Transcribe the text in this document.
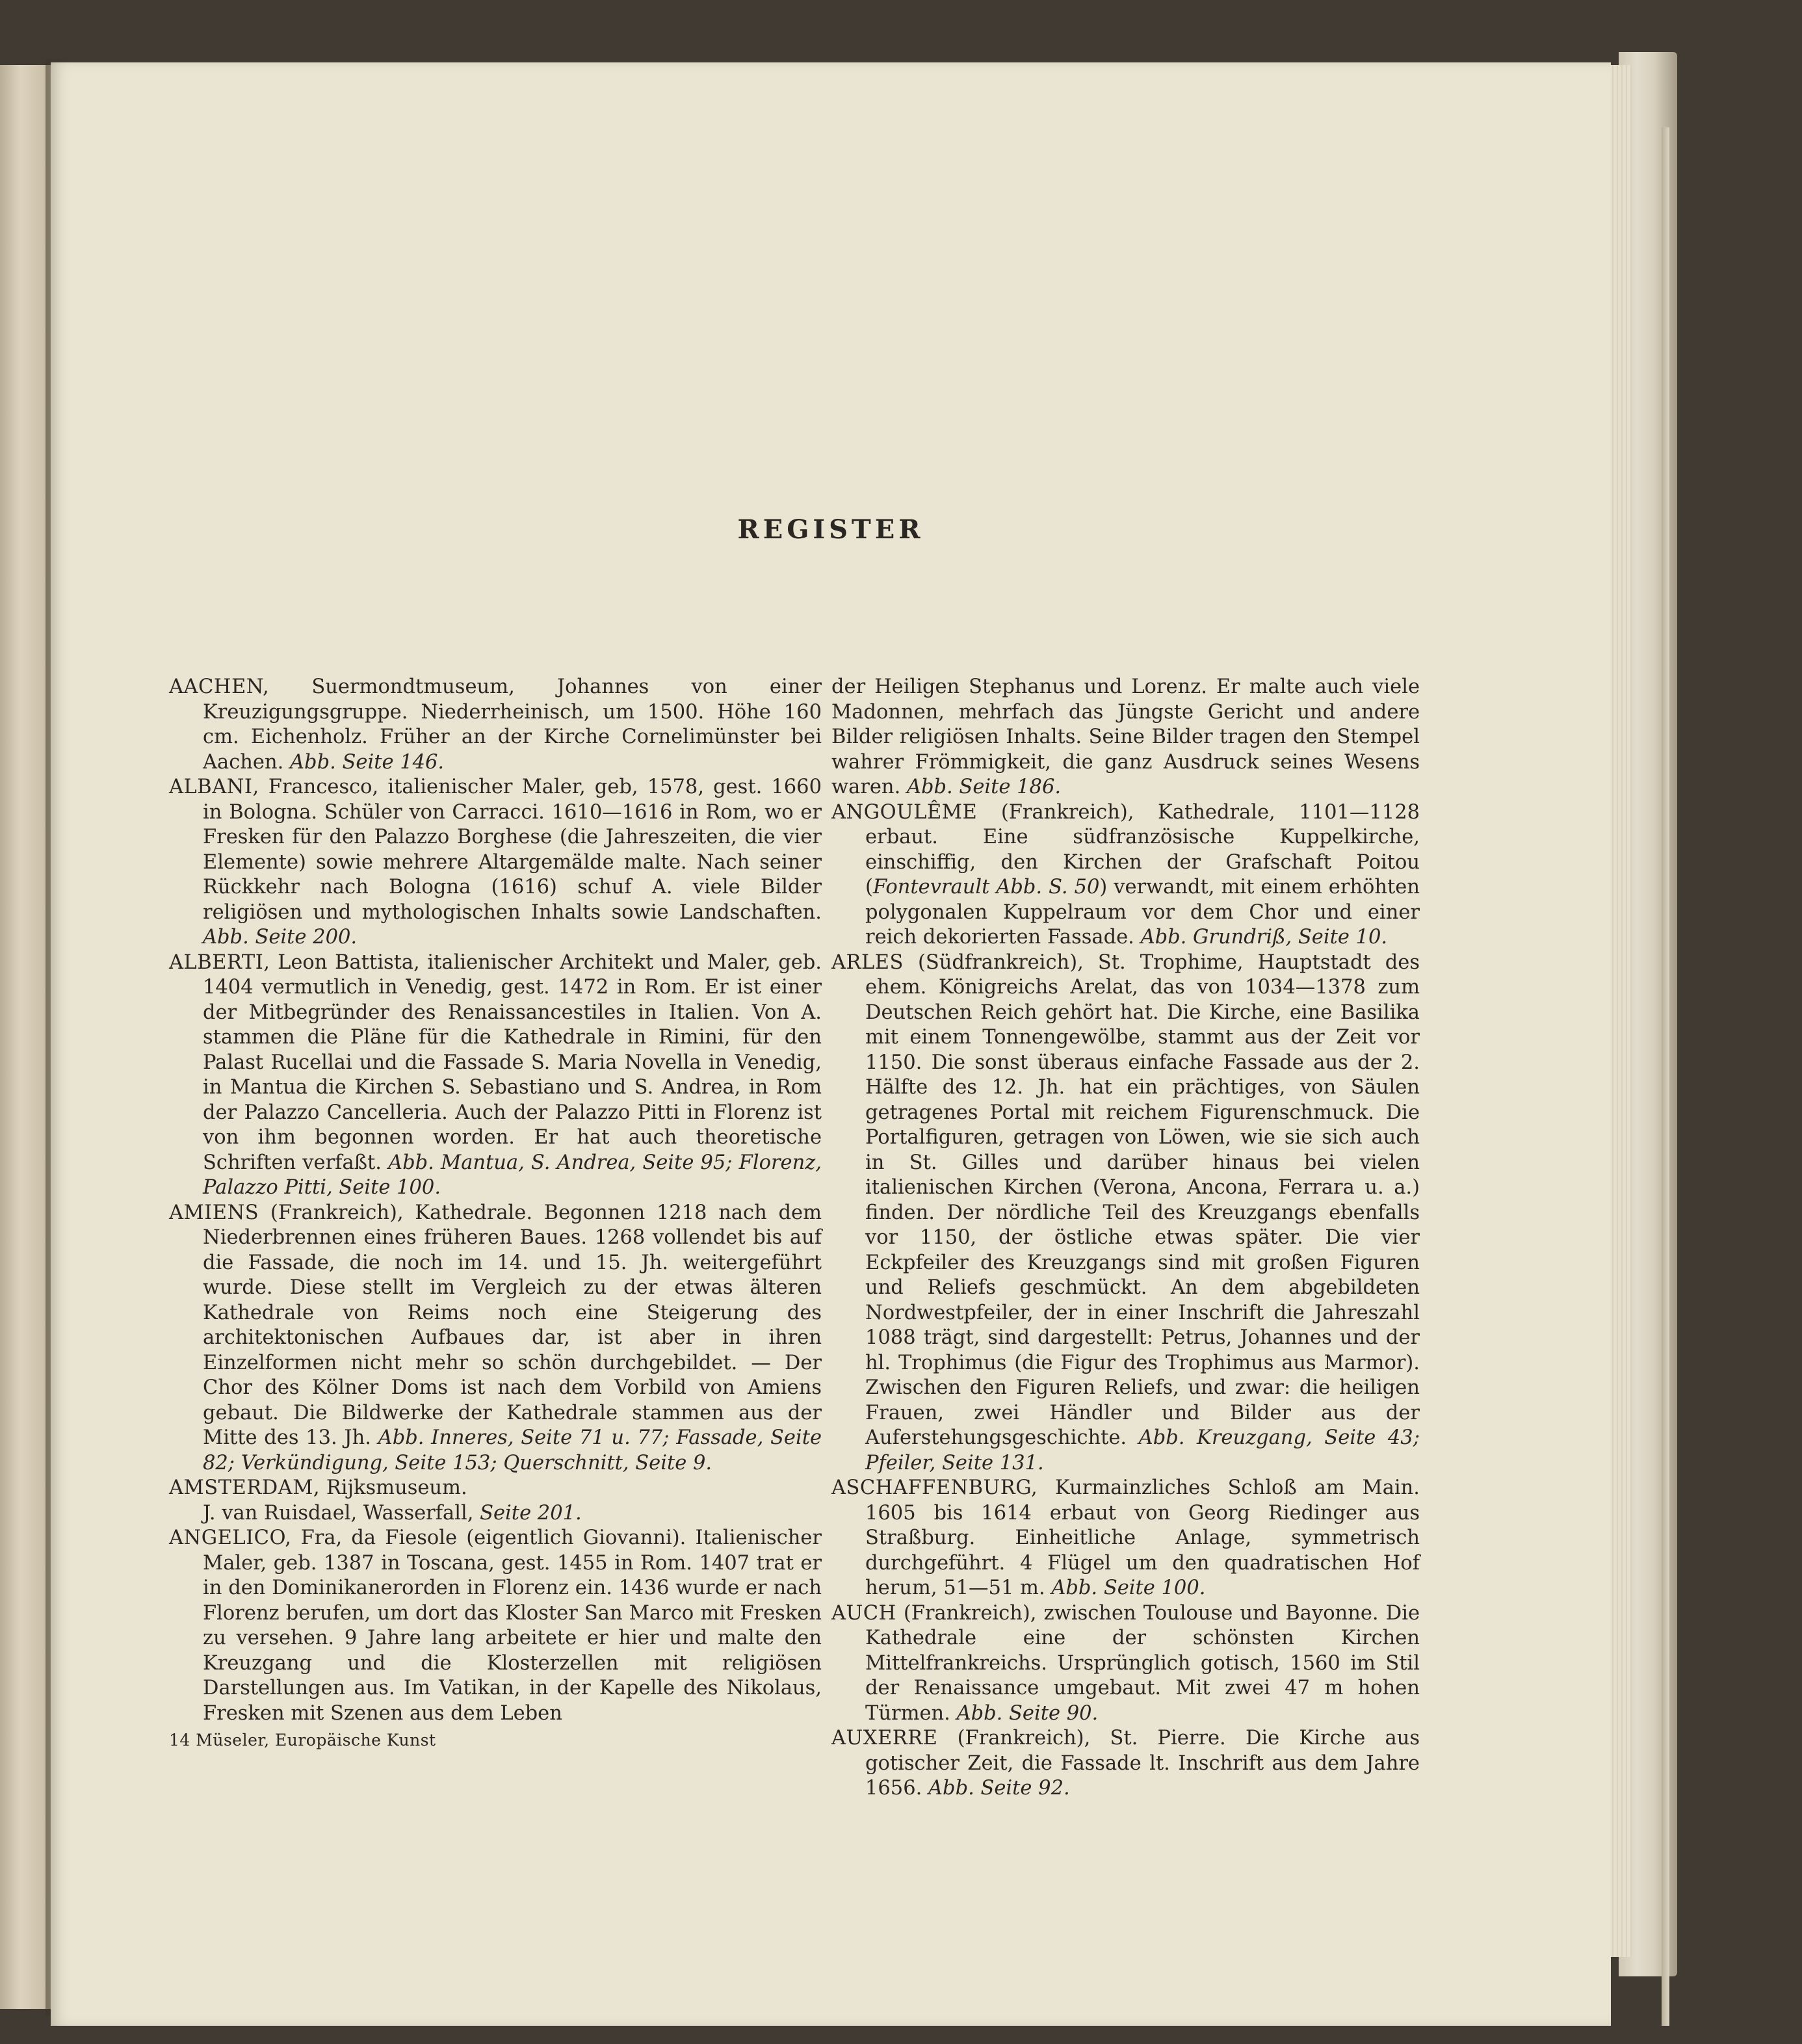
REGISTER

AACHEN, Suermondtmuseum, Johannes von einer Kreuzigungsgruppe. Niederrheinisch, um 1500. Höhe 160 cm. Eichenholz. Früher an der Kirche Cornelimünster bei Aachen. Abb. Seite 146.

ALBANI, Francesco, italienischer Maler, geb, 1578, gest. 1660 in Bologna. Schüler von Carracci. 1610—1616 in Rom, wo er Fresken für den Palazzo Borghese (die Jahreszeiten, die vier Elemente) sowie mehrere Altargemälde malte. Nach seiner Rückkehr nach Bologna (1616) schuf A. viele Bilder religiösen und mythologischen Inhalts sowie Landschaften. Abb. Seite 200.

ALBERTI, Leon Battista, italienischer Architekt und Maler, geb. 1404 vermutlich in Venedig, gest. 1472 in Rom. Er ist einer der Mitbegründer des Renaissancestiles in Italien. Von A. stammen die Pläne für die Kathedrale in Rimini, für den Palast Rucellai und die Fassade S. Maria Novella in Venedig, in Mantua die Kirchen S. Sebastiano und S. Andrea, in Rom der Palazzo Cancelleria. Auch der Palazzo Pitti in Florenz ist von ihm begonnen worden. Er hat auch theoretische Schriften verfaßt. Abb. Mantua, S. Andrea, Seite 95; Florenz, Palazzo Pitti, Seite 100.

AMIENS (Frankreich), Kathedrale. Begonnen 1218 nach dem Niederbrennen eines früheren Baues. 1268 vollendet bis auf die Fassade, die noch im 14. und 15. Jh. weitergeführt wurde. Diese stellt im Vergleich zu der etwas älteren Kathedrale von Reims noch eine Steigerung des architektonischen Aufbaues dar, ist aber in ihren Einzelformen nicht mehr so schön durchgebildet. — Der Chor des Kölner Doms ist nach dem Vorbild von Amiens gebaut. Die Bildwerke der Kathedrale stammen aus der Mitte des 13. Jh. Abb. Inneres, Seite 71 u. 77; Fassade, Seite 82; Verkündigung, Seite 153; Querschnitt, Seite 9.

AMSTERDAM, Rijksmuseum.

J. van Ruisdael, Wasserfall, Seite 201.

ANGELICO, Fra, da Fiesole (eigentlich Giovanni). Italienischer Maler, geb. 1387 in Toscana, gest. 1455 in Rom. 1407 trat er in den Dominikanerorden in Florenz ein. 1436 wurde er nach Florenz berufen, um dort das Kloster San Marco mit Fresken zu versehen. 9 Jahre lang arbeitete er hier und malte den Kreuzgang und die Klosterzellen mit religiösen Darstellungen aus. Im Vatikan, in der Kapelle des Nikolaus, Fresken mit Szenen aus dem Leben

der Heiligen Stephanus und Lorenz. Er malte auch viele Madonnen, mehrfach das Jüngste Gericht und andere Bilder religiösen Inhalts. Seine Bilder tragen den Stempel wahrer Frömmigkeit, die ganz Ausdruck seines Wesens waren. Abb. Seite 186.

ANGOULÊME (Frankreich), Kathedrale, 1101—1128 erbaut. Eine südfranzösische Kuppelkirche, einschiffig, den Kirchen der Grafschaft Poitou (Fontevrault Abb. S. 50) verwandt, mit einem erhöhten polygonalen Kuppelraum vor dem Chor und einer reich dekorierten Fassade. Abb. Grundriß, Seite 10.

ARLES (Südfrankreich), St. Trophime, Hauptstadt des ehem. Königreichs Arelat, das von 1034—1378 zum Deutschen Reich gehört hat. Die Kirche, eine Basilika mit einem Tonnengewölbe, stammt aus der Zeit vor 1150. Die sonst überaus einfache Fassade aus der 2. Hälfte des 12. Jh. hat ein prächtiges, von Säulen getragenes Portal mit reichem Figurenschmuck. Die Portalfiguren, getragen von Löwen, wie sie sich auch in St. Gilles und darüber hinaus bei vielen italienischen Kirchen (Verona, Ancona, Ferrara u. a.) finden. Der nördliche Teil des Kreuzgangs ebenfalls vor 1150, der östliche etwas später. Die vier Eckpfeiler des Kreuzgangs sind mit großen Figuren und Reliefs geschmückt. An dem abgebildeten Nordwestpfeiler, der in einer Inschrift die Jahreszahl 1088 trägt, sind dargestellt: Petrus, Johannes und der hl. Trophimus (die Figur des Trophimus aus Marmor). Zwischen den Figuren Reliefs, und zwar: die heiligen Frauen, zwei Händler und Bilder aus der Auferstehungsgeschichte. Abb. Kreuzgang, Seite 43; Pfeiler, Seite 131.

ASCHAFFENBURG, Kurmainzliches Schloß am Main. 1605 bis 1614 erbaut von Georg Riedinger aus Straßburg. Einheitliche Anlage, symmetrisch durchgeführt. 4 Flügel um den quadratischen Hof herum, 51—51 m. Abb. Seite 100.

AUCH (Frankreich), zwischen Toulouse und Bayonne. Die Kathedrale eine der schönsten Kirchen Mittelfrankreichs. Ursprünglich gotisch, 1560 im Stil der Renaissance umgebaut. Mit zwei 47 m hohen Türmen. Abb. Seite 90.

AUXERRE (Frankreich), St. Pierre. Die Kirche aus gotischer Zeit, die Fassade lt. Inschrift aus dem Jahre 1656. Abb. Seite 92.

14 Müseler, Europäische Kunst
